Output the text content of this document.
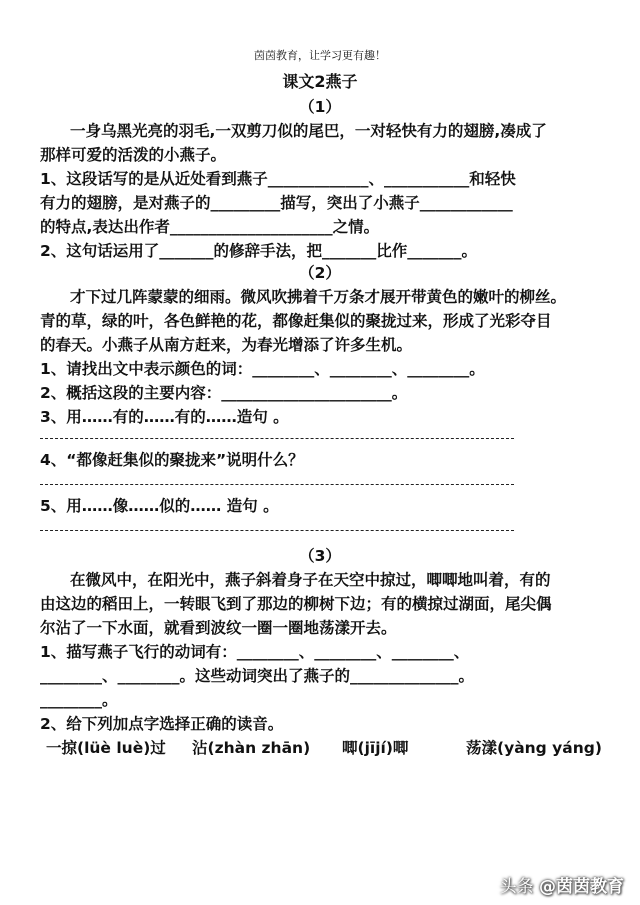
茵茵教育，让学习更有趣！
课文2燕子
（1）
一身乌黑光亮的羽毛,一双剪刀似的尾巴，一对轻快有力的翅膀,凑成了
那样可爱的活泼的小燕子。
1、这段话写的是从近处看到燕子_____________、___________和轻快
有力的翅膀，是对燕子的_________描写，突出了小燕子____________
的特点,表达出作者_____________________之情。
2、这句话运用了_______的修辞手法，把_______比作_______。
（2）
才下过几阵蒙蒙的细雨。微风吹拂着千万条才展开带黄色的嫩叶的柳丝。
青的草，绿的叶，各色鲜艳的花，都像赶集似的聚拢过来，形成了光彩夺目
的春天。小燕子从南方赶来，为春光增添了许多生机。
1、请找出文中表示颜色的词：________、________、________。
2、概括这段的主要内容：______________________。
3、用……有的……有的……造句 。
4、“都像赶集似的聚拢来”说明什么？
5、用……像……似的…… 造句 。
（3）
在微风中，在阳光中，燕子斜着身子在天空中掠过，唧唧地叫着，有的
由这边的稻田上，一转眼飞到了那边的柳树下边；有的横掠过湖面，尾尖偶
尔沾了一下水面，就看到波纹一圈一圈地荡漾开去。
1、描写燕子飞行的动词有：________、________、________、
________、________。这些动词突出了燕子的______________。
________。
2、给下列加点字选择正确的读音。
一掠(lüè luè)过 沾(zhàn zhān) 唧(jījí)唧	荡漾(yàng yáng)
头条 @茵茵教育
